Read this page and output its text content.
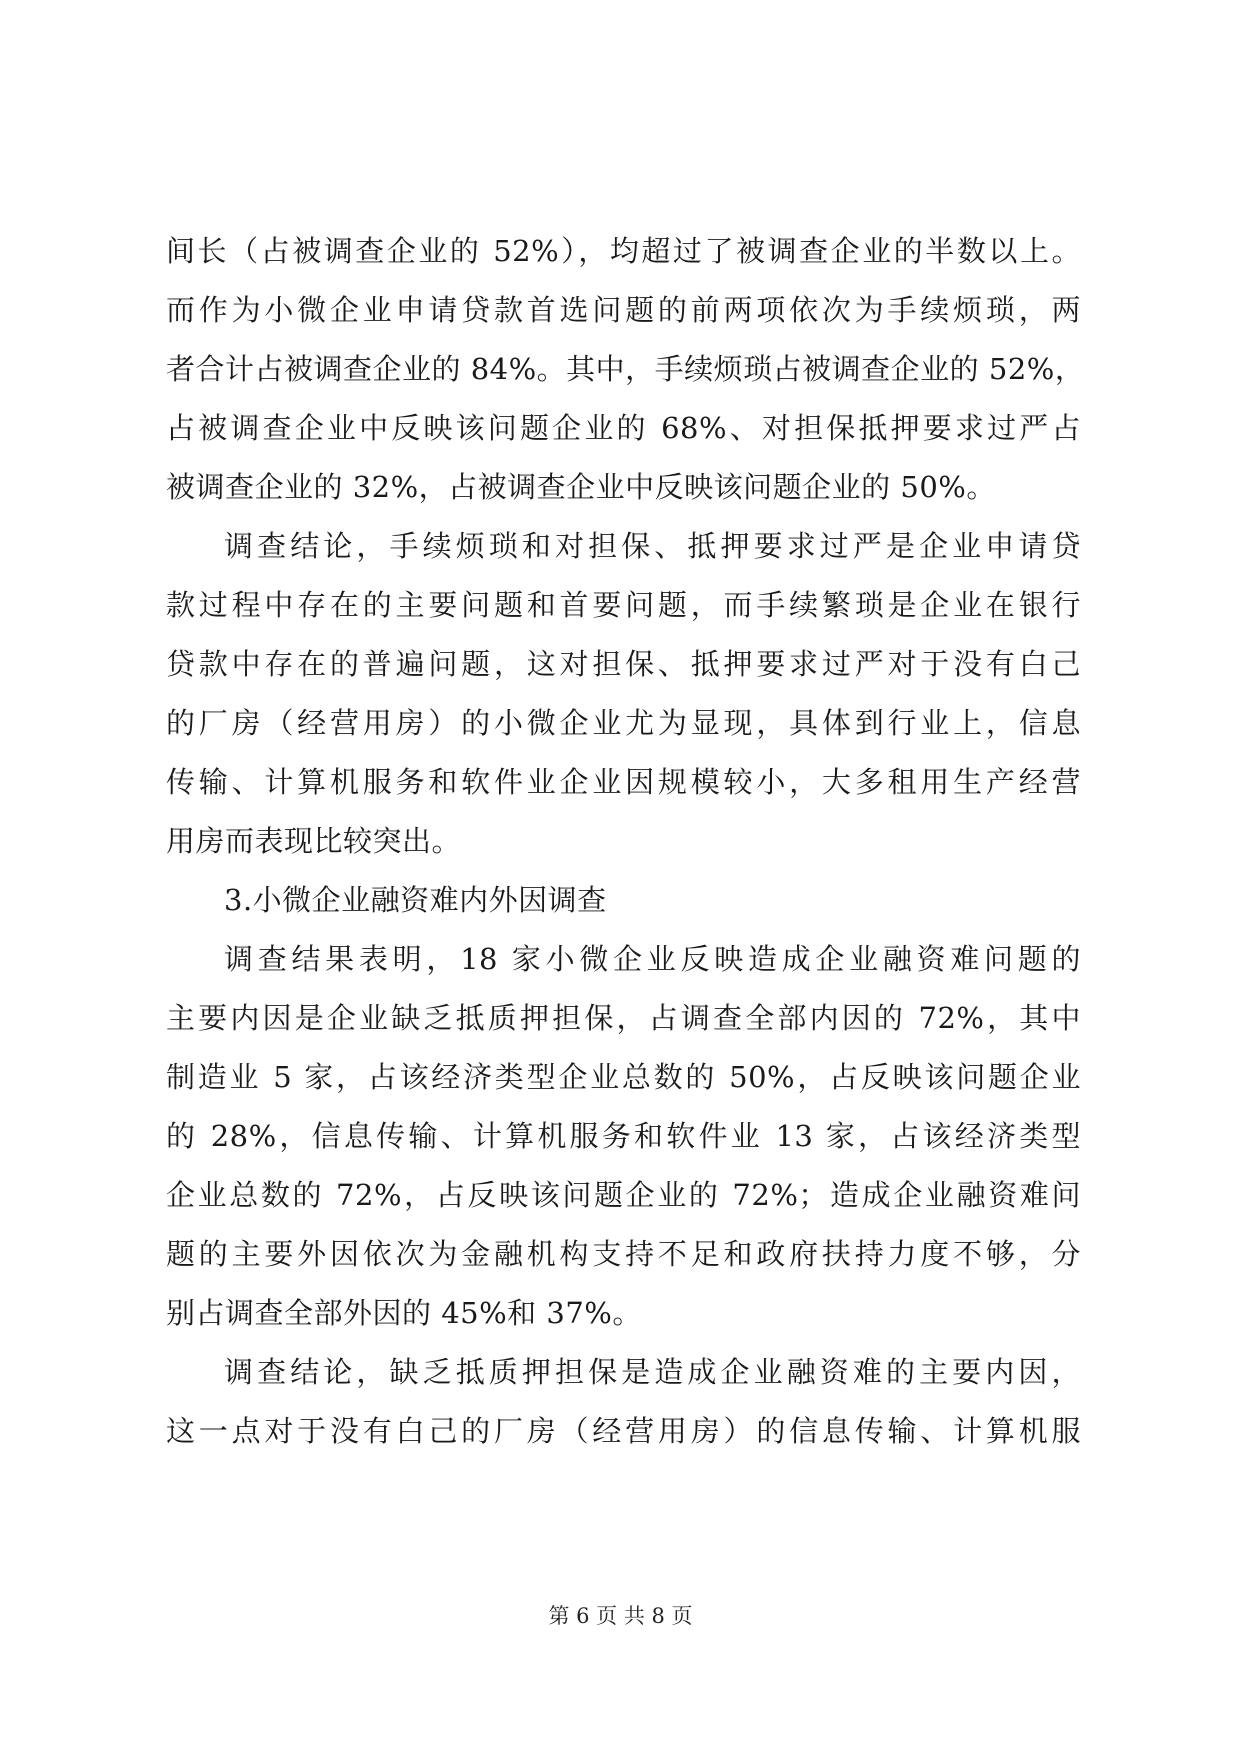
间长（占被调查企业的 52%），均超过了被调查企业的半数以上。
而作为小微企业申请贷款首选问题的前两项依次为手续烦琐，两
者合计占被调查企业的 84%。其中，手续烦琐占被调查企业的 52%，
占被调查企业中反映该问题企业的 68%、对担保抵押要求过严占
被调查企业的 32%，占被调查企业中反映该问题企业的 50%。
调查结论，手续烦琐和对担保、抵押要求过严是企业申请贷
款过程中存在的主要问题和首要问题，而手续繁琐是企业在银行
贷款中存在的普遍问题，这对担保、抵押要求过严对于没有白己
的厂房（经营用房）的小微企业尤为显现，具体到行业上，信息
传输、计算机服务和软件业企业因规模较小，大多租用生产经营
用房而表现比较突出。
3.小微企业融资难内外因调查
调查结果表明，18 家小微企业反映造成企业融资难问题的
主要内因是企业缺乏抵质押担保，占调查全部内因的 72%，其中
制造业 5 家，占该经济类型企业总数的 50%，占反映该问题企业
的 28%，信息传输、计算机服务和软件业 13 家，占该经济类型
企业总数的 72%，占反映该问题企业的 72%；造成企业融资难问
题的主要外因依次为金融机构支持不足和政府扶持力度不够，分
别占调查全部外因的 45%和 37%。
调查结论，缺乏抵质押担保是造成企业融资难的主要内因，
这一点对于没有白己的厂房（经营用房）的信息传输、计算机服
第 6 页 共 8 页
